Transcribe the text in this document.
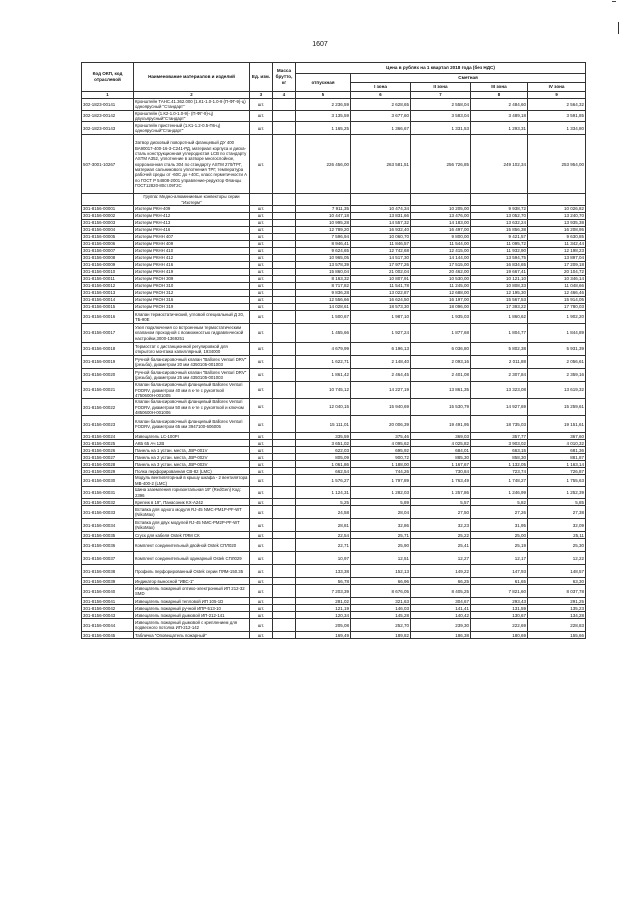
1607
Код ОКП, код отраслевой	Наименование материалов и изделий	Ед. изм.	Масса брутто, кг	Цена в рублях на 1 квартал 2018 года (без НДС)				
				отпускная	Сметная			
					I зона	II зона	III зона	IV зона
1	2	3	4	5	6	7	8	9
302-1823-00141	Кронштейн ТАНС.41.362.000 (1.К1-1.0-1.0-9 (П-ФГ-9)-ц) одноярусный "Стандарт"	шт.		2 236,59	2 628,65	2 558,04	2 484,60	2 564,32
302-1823-00142	Кронштейн (1.К2-1.0-1.0-9(- (П-ФГ-9)-ц) двухъярусный"Стандарт"	шт.		3 135,59	3 677,60	3 583,04	3 489,18	3 591,85
302-1823-00143	Кронштейн пристенный (1.К1-1.2-0.5-П6-ц) одноярусный"Стандарт"	шт.		1 165,25	1 366,67	1 331,53	1 293,31	1 334,80
507-3001-10267	Затвор дисковый поворотный фланцевый ДУ 400 ВА90017-400-16-3-С241-РД, материал корпуса и диска-сталь конструкционная углеродистая LCB по стандарту ASTM A352, уплотнение в затворе многослойное, коррозионная сталь 304 по стандарту ASTM 270/ТРГ, материал сальникового уплотнения ТРГ, температура рабочей среды от -60С до +40С, класс герметичности А по ГОСТ Р 54808-2001 управление-редуктор Фланцы ГОСТ12820-80ст.09Г2С	шт.		226 456,00	263 581,51	256 726,85	249 102,34	253 954,00
	Группа: Медно-алюминиевые конвекторы серии "Изотерм"							
301-8156-00001	Изотерм РКН-409	шт.		7 911,35	10 474,34	10 205,00	9 938,72	10 026,82
301-8156-00002	Изотерм РКН-412	шт.		10 447,18	13 831,66	13 476,00	13 052,70	13 240,70
301-8156-00003	Изотерм РКН-413	шт.		10 995,28	14 557,32	14 183,00	13 632,24	13 935,38
301-8156-00004	Изотерм РКН-416	шт.		12 789,20	16 932,40	16 497,00	15 856,38	16 208,95
301-8156-00005	Изотерм РКНН 407	шт.		7 596,94	10 060,70	9 800,00	9 421,57	9 630,85
301-8156-00006	Изотерм РКНН 409	шт.		8 946,41	11 846,57	11 544,00	11 095,72	11 342,44
301-8156-00007	Изотерм РКНН 410	шт.		9 624,65	12 742,68	12 415,00	11 932,90	12 198,23
301-8156-00008	Изотерм РКНН 412	шт.		10 965,05	14 517,30	14 144,00	13 594,75	13 897,04
301-8156-00009	Изотерм РКНН 416	шт.		13 578,39	17 977,26	17 515,00	16 834,65	17 209,18
301-8156-00010	Изотерм РКНН 419	шт.		15 860,04	21 002,04	20 462,00	19 667,41	20 104,72
301-8156-00011	Изотерм РКОН 309	шт.		8 163,32	10 807,91	10 530,00	10 121,10	10 346,14
301-8156-00012	Изотерм РКОН 310	шт.		8 717,82	11 541,78	11 245,00	10 808,33	11 048,66
301-8156-00013	Изотерм РКОН 312	шт.		9 836,28	13 022,87	12 688,00	12 195,30	12 466,46
301-8156-00014	Изотерм РКОН 316	шт.		12 556,66	16 624,50	16 197,00	15 567,53	15 914,05
301-8156-00015	Изотерм РКОН 319	шт.		14 028,61	18 573,30	18 096,00	17 393,22	17 780,03
301-8156-00016	Клапан термостатический, угловой специальный Д 20, ТБ-90Е	шт.		1 500,67	1 987,10	1 935,03	1 860,62	1 902,20
301-8156-00017	Узел подключения со встроенным термостатическим клапаном проходной с возможностью гидравлической настройки,3000-1369251	шт.		1 455,66	1 927,24	1 877,68	1 804,77	1 844,89
301-8156-00018	Термостат с дистанционной регулировкой для открытого монтажа капиллярный, 1934000	шт.		4 679,99	6 196,13	6 036,80	5 802,38	5 931,39
301-8156-00019	Ручной балансировочный клапан "Ballorex Venturi DRV" (резьба), диаметром 20 мм 4350105-001003	шт.		1 622,71	2 148,40	2 093,16	2 011,88	2 056,61
301-8156-00020	Ручной балансировочный клапан "Ballorex Venturi DRV" (резьба), диаметром 25 мм 4350105-001003	шт.		1 861,42	2 464,45	2 401,08	2 307,84	2 359,16
301-8156-00021	Клапан балансировочный фланцевый Ballorex Venturi FODRV, диаметром 40 мм в к-те с рукояткой 4750600Н-001005	шт.		10 745,12	14 227,19	13 861,35	13 323,08	13 619,32
301-8156-00022	Клапан балансировочный фланцевый Ballorex Venturi FODRV, диаметром 50 мм в к-те с рукояткой и ключом 4850600Н-001006	шт.		12 040,15	15 940,69	15 530,79	14 927,69	15 259,61
301-8156-00023	Клапан балансировочный фланцевый Ballorex Venturi FODRV, диаметром 65 мм 3947100-606005	шт.		15 111,01	20 006,39	19 491,95	18 735,03	19 151,61
301-8156-00024	Извещатель LC-100PI	шт.		335,59	375,46	369,03	357,77	367,60
301-8156-00025	АКБ 65 Ач 12В	шт.		3 651,02	4 095,62	4 025,82	3 903,02	4 010,32
301-8156-00026	Панель на 1 устан. места, JBP-001V	шт.		622,03	695,92	684,01	663,15	681,36
301-8156-00027	Панель на 2 устан. места, JBP-002V	шт.		805,09	900,72	885,30	858,30	881,87
301-8156-00028	Панель на 3 устан. места, JBP-003V	шт.		1 061,86	1 188,00	1 167,67	1 132,05	1 163,14
301-8156-00029	Полка перфорированная СВ-82 (LMC)	шт.		662,54	744,26	730,84	723,74	726,87
301-8156-00030	Модуль вентиляторный в крышу шкафа - 2 вентилятора МВ-400-2 (LMC)	шт.		1 576,27	1 797,89	1 763,49	1 748,27	1 755,63
301-8156-00031	Шина заземления горизонтальная 19" (RedGen) Код: 2396	шт.		1 124,31	1 282,03	1 257,86	1 246,99	1 252,39
301-8156-00032	Крепеж в 19", Панасоник KX-A242	шт.		5,25	5,89	5,57	5,82	5,85
301-8156-00033	Вставка для одного модуля RJ-45 NMC-PM1P-PF-WT (NikoMax)	шт.		24,58	28,04	27,50	27,26	27,38
301-8156-00034	Вставка для двух модулей RJ-45 NMC-PM2P-PF-WT (NikoMax)	шт.		28,81	32,86	32,23	31,95	32,09
301-8156-00035	Сгуск для кабеля Ostek ПЯМ СК	шт.		22,54	25,71	25,22	25,00	25,11
301-8156-00036	Комплект соединительный двойной Ostek СПЛ020	шт.		22,71	25,90	25,41	25,19	25,30
301-8156-00037	Комплект соединительный одинарный Ostek СПЛ029	шт.		10,97	12,51	12,27	12,17	12,22
301-8156-00038	Профиль перфорированный Ostek серии ПЯМ-150.35	шт.		133,38	152,13	149,22	147,93	148,57
301-8156-00039	Индикатор выносной "ИВС-1"	шт.		56,78	66,96	66,25	61,65	63,30
301-8156-00040	Извещатель пожарный оптико-электронный ИП 212-32 SMD	шт.		7 203,39	8 676,05	8 405,25	7 821,60	8 037,78
301-8156-00041	Извещатель пожарный тепловой ИП 105-1D	шт.		281,02	321,63	304,67	293,43	291,25
301-8156-00042	Извещатель пожарный ручной ИПР-513-10	шт.		121,19	146,03	141,41	131,59	135,23
301-8156-00043	Извещатель пожарный дымовой ИП-212-141	шт.		120,34	145,28	140,42	130,67	134,28
301-8156-00044	Извещатель пожарный дымовой с креплением для подвесного потолка ИП-212-142	шт.		205,08	252,70	239,30	222,69	228,83
301-8156-00045	Табличка "Оповещатель пожарный"	шт.		169,49	189,82	186,38	180,69	155,66
